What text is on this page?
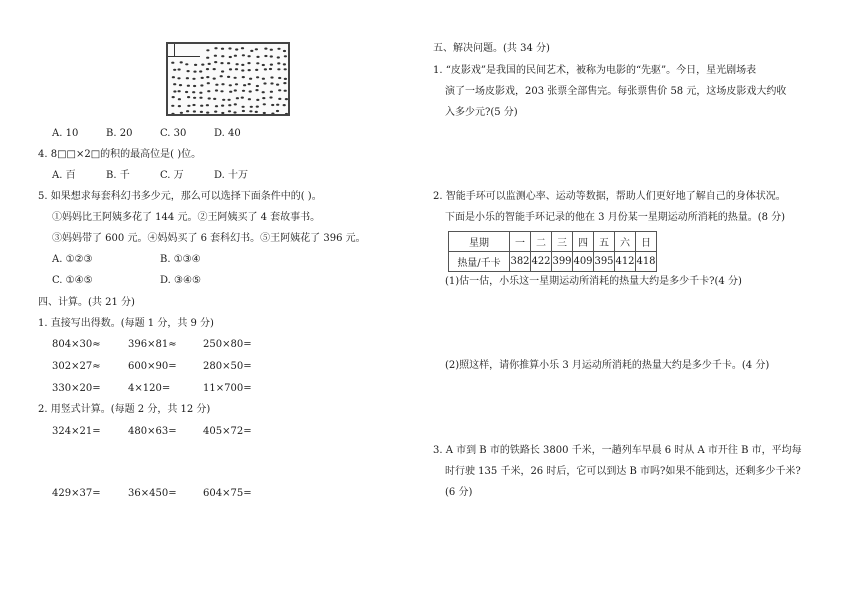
A. 10	B. 20	C. 30	D. 40
4. 8□□×2□的积的最高位是( )位。
A. 百	B. 千	C. 万	D. 十万
5. 如果想求每套科幻书多少元，那么可以选择下面条件中的( )。
①妈妈比王阿姨多花了 144 元。②王阿姨买了 4 套故事书。
③妈妈带了 600 元。④妈妈买了 6 套科幻书。⑤王阿姨花了 396 元。
A. ①②③	B. ①③④
C. ①④⑤	D. ③④⑤
四、计算。(共 21 分)
1. 直接写出得数。(每题 1 分，共 9 分)
804×30≈	396×81≈	250×80=
302×27≈	600×90=	280×50=
330×20=	4×120=	11×700=
2. 用竖式计算。(每题 2 分，共 12 分)
324×21=	480×63=	405×72=
429×37=	36×450=	604×75=
五、解决问题。(共 34 分)
1. “皮影戏”是我国的民间艺术，被称为电影的“先驱”。今日，星光剧场表
演了一场皮影戏，203 张票全部售完。每张票售价 58 元，这场皮影戏大约收
入多少元?(5 分)
2. 智能手环可以监测心率、运动等数据，帮助人们更好地了解自己的身体状况。
下面是小乐的智能手环记录的他在 3 月份某一星期运动所消耗的热量。(8 分)
星期	一	二	三	四	五	六	日
热量/千卡	382	422	399	409	395	412	418
(1)估一估，小乐这一星期运动所消耗的热量大约是多少千卡?(4 分)
(2)照这样，请你推算小乐 3 月运动所消耗的热量大约是多少千卡。(4 分)
3. A 市到 B 市的铁路长 3800 千米，一趟列车早晨 6 时从 A 市开往 B 市，平均每
时行驶 135 千米，26 时后，它可以到达 B 市吗?如果不能到达，还剩多少千米?
(6 分)
